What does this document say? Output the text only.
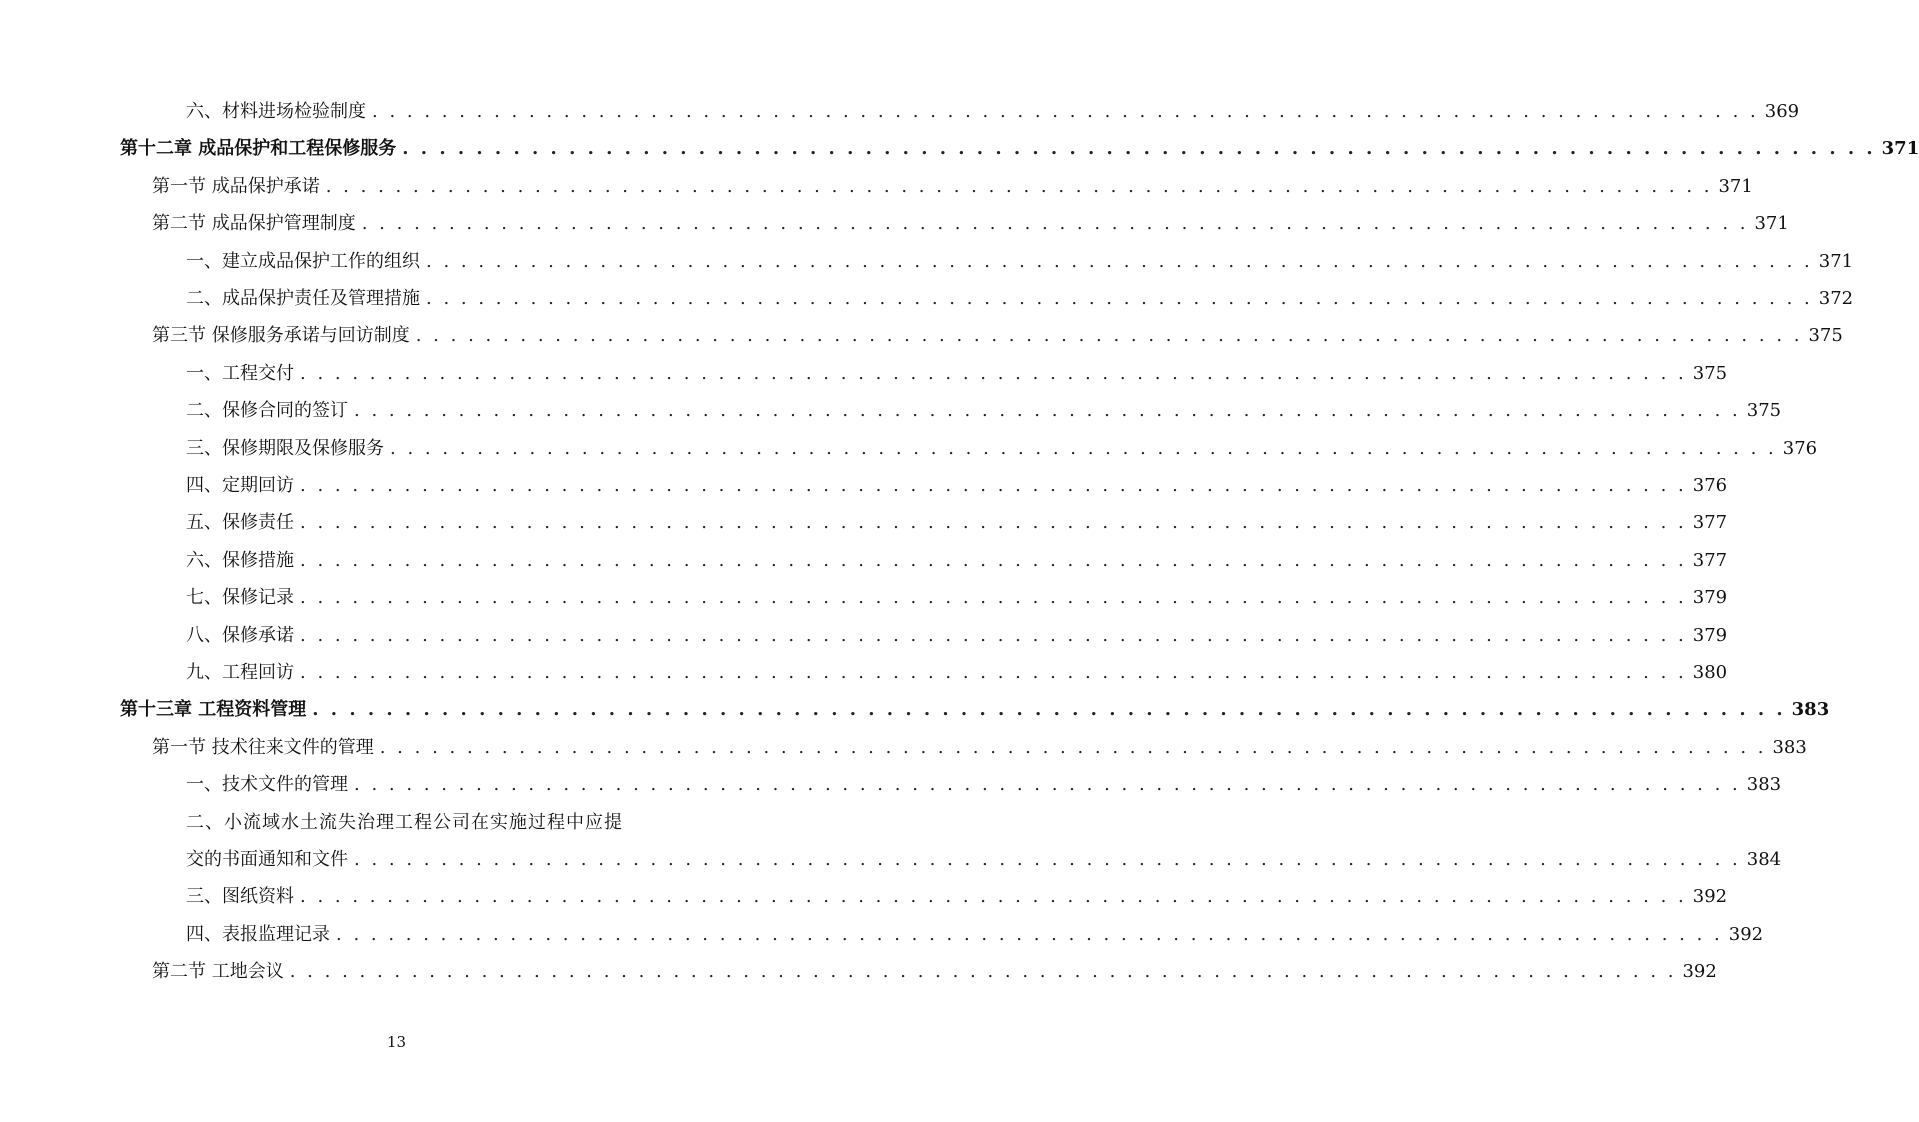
六、材料进场检验制度 . . . . . . . . . . . . . . . . . . . . . . . . . . . . . . . . . . . . . . . . . . . . . . . . . . . . . . . . . . . . . . . . . . . . . . . . . . . . . . . . 369
第十二章 成品保护和工程保修服务 . . . . . . . . . . . . . . . . . . . . . . . . . . . . . . . . . . . . . . . . . . . . . . . . . . . . . . . . . . . . . . . . . . . . . . . . . . . . . . . . 371
第一节 成品保护承诺 . . . . . . . . . . . . . . . . . . . . . . . . . . . . . . . . . . . . . . . . . . . . . . . . . . . . . . . . . . . . . . . . . . . . . . . . . . . . . . . . 371
第二节 成品保护管理制度 . . . . . . . . . . . . . . . . . . . . . . . . . . . . . . . . . . . . . . . . . . . . . . . . . . . . . . . . . . . . . . . . . . . . . . . . . . . . . . . . 371
一、建立成品保护工作的组织 . . . . . . . . . . . . . . . . . . . . . . . . . . . . . . . . . . . . . . . . . . . . . . . . . . . . . . . . . . . . . . . . . . . . . . . . . . . . . . . . 371
二、成品保护责任及管理措施 . . . . . . . . . . . . . . . . . . . . . . . . . . . . . . . . . . . . . . . . . . . . . . . . . . . . . . . . . . . . . . . . . . . . . . . . . . . . . . . . 372
第三节 保修服务承诺与回访制度 . . . . . . . . . . . . . . . . . . . . . . . . . . . . . . . . . . . . . . . . . . . . . . . . . . . . . . . . . . . . . . . . . . . . . . . . . . . . . . . . 375
一、工程交付 . . . . . . . . . . . . . . . . . . . . . . . . . . . . . . . . . . . . . . . . . . . . . . . . . . . . . . . . . . . . . . . . . . . . . . . . . . . . . . . . 375
二、保修合同的签订 . . . . . . . . . . . . . . . . . . . . . . . . . . . . . . . . . . . . . . . . . . . . . . . . . . . . . . . . . . . . . . . . . . . . . . . . . . . . . . . . 375
三、保修期限及保修服务 . . . . . . . . . . . . . . . . . . . . . . . . . . . . . . . . . . . . . . . . . . . . . . . . . . . . . . . . . . . . . . . . . . . . . . . . . . . . . . . . 376
四、定期回访 . . . . . . . . . . . . . . . . . . . . . . . . . . . . . . . . . . . . . . . . . . . . . . . . . . . . . . . . . . . . . . . . . . . . . . . . . . . . . . . . 376
五、保修责任 . . . . . . . . . . . . . . . . . . . . . . . . . . . . . . . . . . . . . . . . . . . . . . . . . . . . . . . . . . . . . . . . . . . . . . . . . . . . . . . . 377
六、保修措施 . . . . . . . . . . . . . . . . . . . . . . . . . . . . . . . . . . . . . . . . . . . . . . . . . . . . . . . . . . . . . . . . . . . . . . . . . . . . . . . . 377
七、保修记录 . . . . . . . . . . . . . . . . . . . . . . . . . . . . . . . . . . . . . . . . . . . . . . . . . . . . . . . . . . . . . . . . . . . . . . . . . . . . . . . . 379
八、保修承诺 . . . . . . . . . . . . . . . . . . . . . . . . . . . . . . . . . . . . . . . . . . . . . . . . . . . . . . . . . . . . . . . . . . . . . . . . . . . . . . . . 379
九、工程回访 . . . . . . . . . . . . . . . . . . . . . . . . . . . . . . . . . . . . . . . . . . . . . . . . . . . . . . . . . . . . . . . . . . . . . . . . . . . . . . . . 380
第十三章 工程资料管理 . . . . . . . . . . . . . . . . . . . . . . . . . . . . . . . . . . . . . . . . . . . . . . . . . . . . . . . . . . . . . . . . . . . . . . . . . . . . . . . . 383
第一节 技术往来文件的管理 . . . . . . . . . . . . . . . . . . . . . . . . . . . . . . . . . . . . . . . . . . . . . . . . . . . . . . . . . . . . . . . . . . . . . . . . . . . . . . . . 383
一、技术文件的管理 . . . . . . . . . . . . . . . . . . . . . . . . . . . . . . . . . . . . . . . . . . . . . . . . . . . . . . . . . . . . . . . . . . . . . . . . . . . . . . . . 383
二、小流域水土流失治理工程公司在实施过程中应提
交的书面通知和文件 . . . . . . . . . . . . . . . . . . . . . . . . . . . . . . . . . . . . . . . . . . . . . . . . . . . . . . . . . . . . . . . . . . . . . . . . . . . . . . . . 384
三、图纸资料 . . . . . . . . . . . . . . . . . . . . . . . . . . . . . . . . . . . . . . . . . . . . . . . . . . . . . . . . . . . . . . . . . . . . . . . . . . . . . . . . 392
四、表报监理记录 . . . . . . . . . . . . . . . . . . . . . . . . . . . . . . . . . . . . . . . . . . . . . . . . . . . . . . . . . . . . . . . . . . . . . . . . . . . . . . . . 392
第二节 工地会议 . . . . . . . . . . . . . . . . . . . . . . . . . . . . . . . . . . . . . . . . . . . . . . . . . . . . . . . . . . . . . . . . . . . . . . . . . . . . . . . . 392
13
